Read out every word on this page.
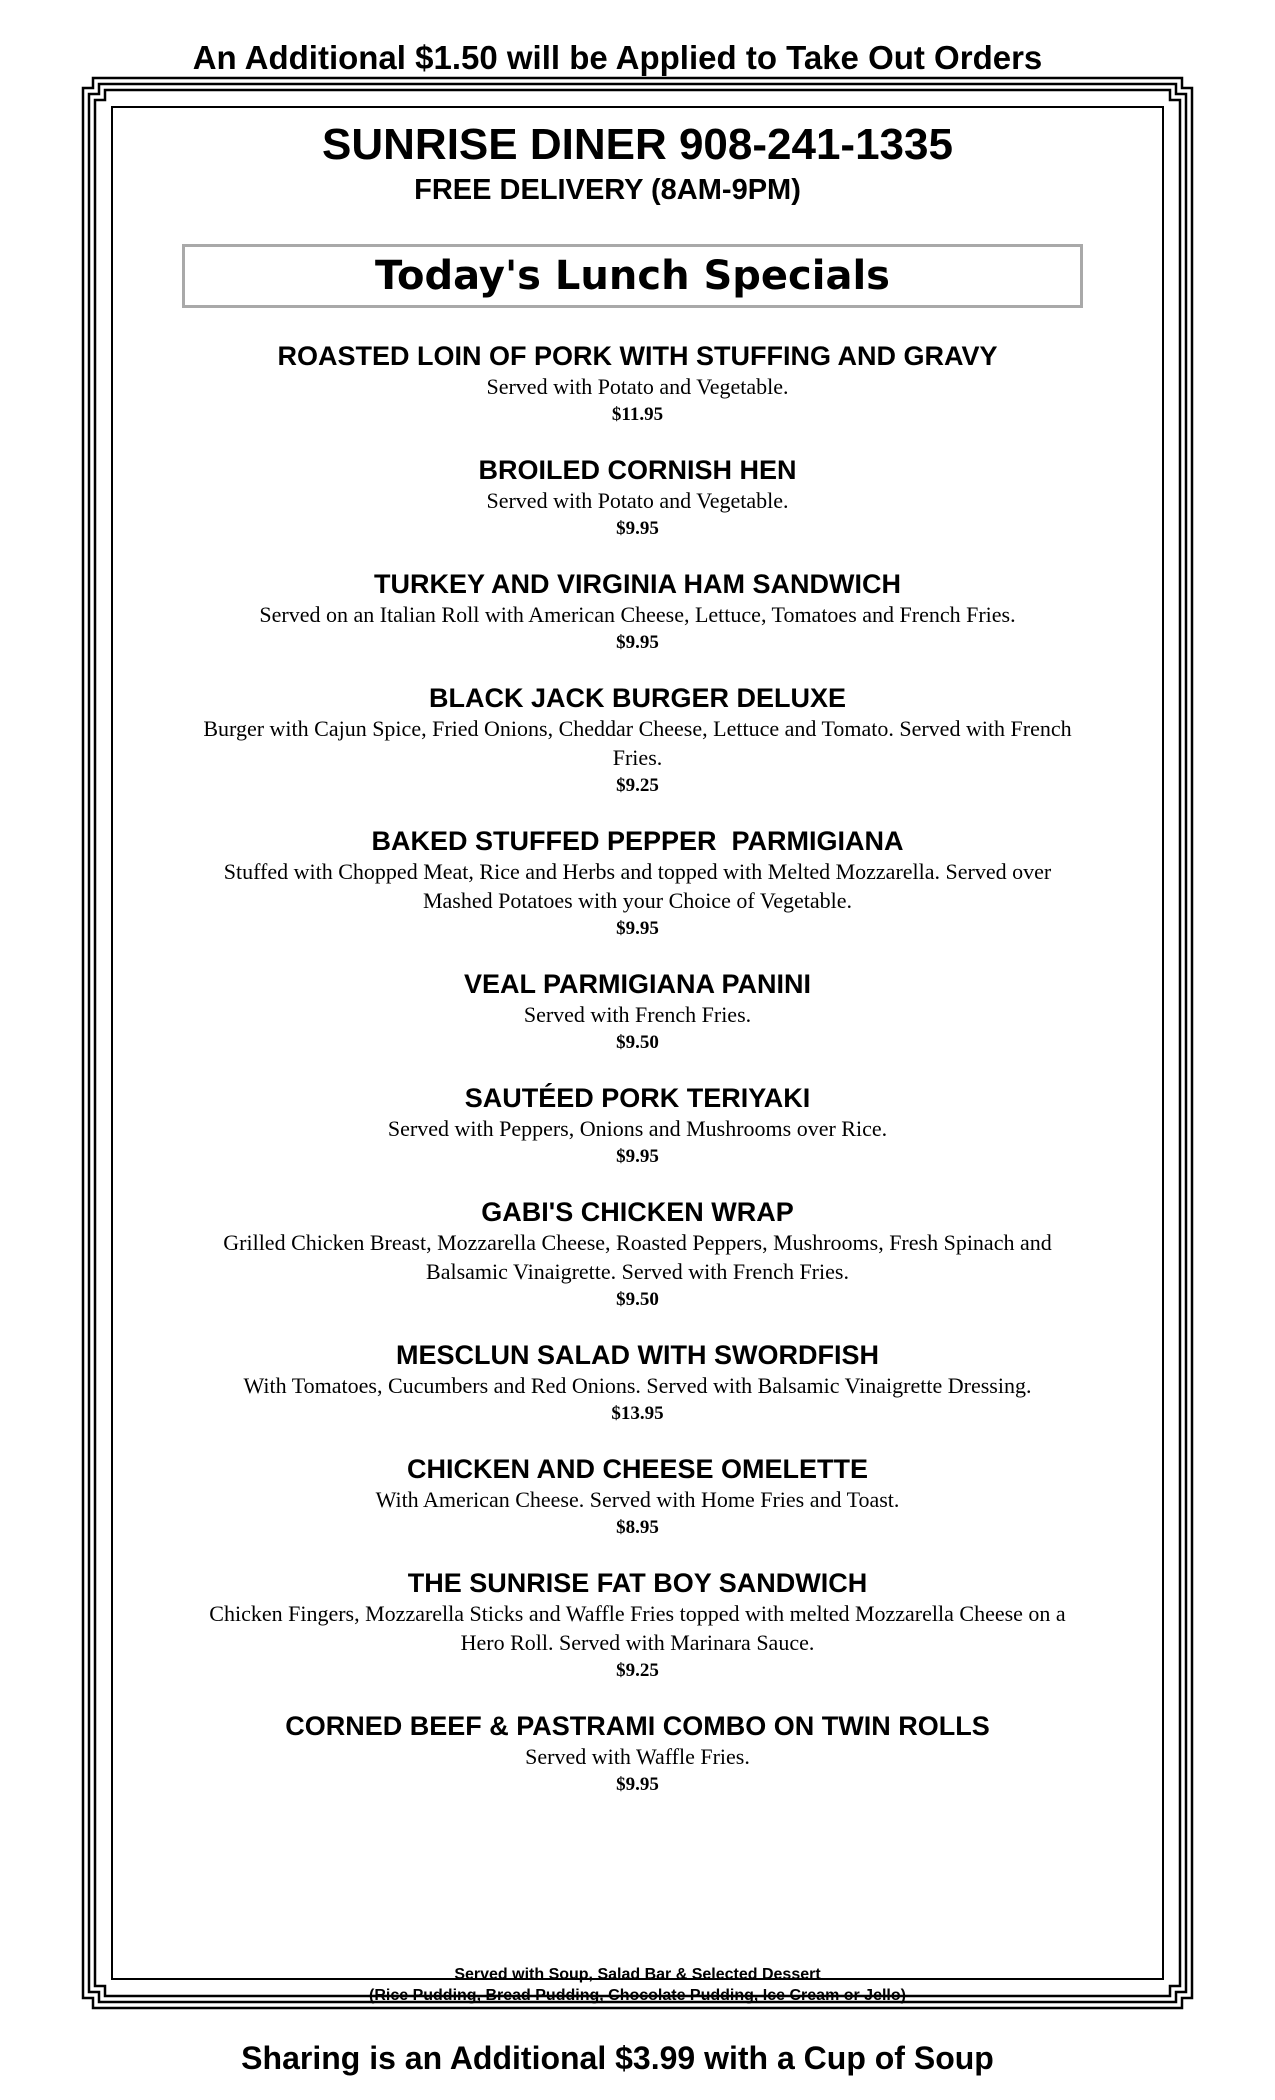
An Additional $1.50 will be Applied to Take Out Orders

SUNRISE DINER 908-241-1335

FREE DELIVERY (8AM-9PM)

Today's Lunch Specials

ROASTED LOIN OF PORK WITH STUFFING AND GRAVY

Served with Potato and Vegetable.

$11.95

BROILED CORNISH HEN

Served with Potato and Vegetable.

$9.95

TURKEY AND VIRGINIA HAM SANDWICH

Served on an Italian Roll with American Cheese, Lettuce, Tomatoes and French Fries.

$9.95

BLACK JACK BURGER DELUXE

Burger with Cajun Spice, Fried Onions, Cheddar Cheese, Lettuce and Tomato. Served with French Fries.

$9.25

BAKED STUFFED PEPPER  PARMIGIANA

Stuffed with Chopped Meat, Rice and Herbs and topped with Melted Mozzarella. Served over Mashed Potatoes with your Choice of Vegetable.

$9.95

VEAL PARMIGIANA PANINI

Served with French Fries.

$9.50

SAUTÉED PORK TERIYAKI

Served with Peppers, Onions and Mushrooms over Rice.

$9.95

GABI'S CHICKEN WRAP

Grilled Chicken Breast, Mozzarella Cheese, Roasted Peppers, Mushrooms, Fresh Spinach and Balsamic Vinaigrette. Served with French Fries.

$9.50

MESCLUN SALAD WITH SWORDFISH

With Tomatoes, Cucumbers and Red Onions. Served with Balsamic Vinaigrette Dressing.

$13.95

CHICKEN AND CHEESE OMELETTE

With American Cheese. Served with Home Fries and Toast.

$8.95

THE SUNRISE FAT BOY SANDWICH

Chicken Fingers, Mozzarella Sticks and Waffle Fries topped with melted Mozzarella Cheese on a Hero Roll. Served with Marinara Sauce.

$9.25

CORNED BEEF & PASTRAMI COMBO ON TWIN ROLLS

Served with Waffle Fries.

$9.95

Served with Soup, Salad Bar & Selected Dessert
(Rice Pudding, Bread Pudding, Chocolate Pudding, Ice Cream or Jello)
Sharing is an Additional $3.99 with a Cup of Soup
